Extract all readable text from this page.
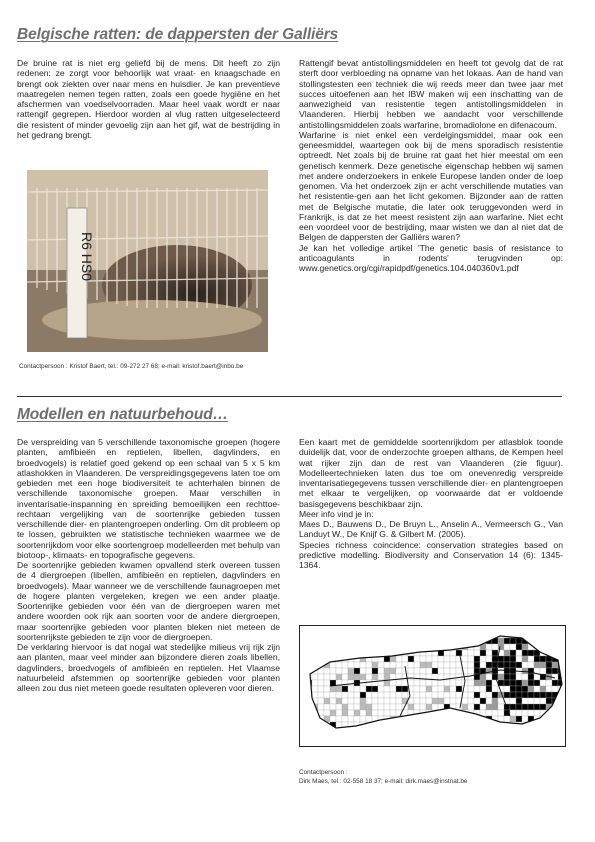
Belgische ratten: de dappersten der Galliërs

De bruine rat is niet erg geliefd bij de mens. Dit heeft zo zijn redenen: ze zorgt voor behoorlijk wat vraat- en knaagschade en brengt ook ziekten over naar mens en huisdier. Je kan preventieve maatregelen nemen tegen ratten, zoals een goede hygiëne en het afschermen van voedselvoorraden. Maar heel vaak wordt er naar rattengif gegrepen. Hierdoor worden al vlug ratten uitgeselecteerd die resistent of minder gevoelig zijn aan het gif, wat de bestrijding in het gedrang brengt.

R6 HS0

Rattengif bevat antistollingsmiddelen en heeft tot gevolg dat de rat sterft door verbloeding na opname van het lokaas. Aan de hand van stollingstesten een techniek die wij reeds meer dan twee jaar met succes uitoefenen aan het IBW maken wij een inschatting van de aanwezigheid van resistentie tegen antistollingsmiddelen in Vlaanderen. Hierbij hebben we aandacht voor verschillende antistollingsmiddelen zoals warfarine, bromadiolone en difenacoum.

Warfarine is niet enkel een verdelgingsmiddel, maar ook een geneesmiddel, waartegen ook bij de mens sporadisch resistentie optreedt. Net zoals bij de bruine rat gaat het hier meestal om een genetisch kenmerk. Deze genetische eigenschap hebben wij samen met andere onderzoekers in enkele Europese landen onder de loep genomen. Via het onderzoek zijn er acht verschillende mutaties van het resistentie-gen aan het licht gekomen. Bijzonder aan de ratten met de Belgische mutatie, die later ook teruggevonden werd in Frankrijk, is dat ze het meest resistent zijn aan warfarine. Niet echt een voordeel voor de bestrijding, maar wisten we dan al niet dat de Belgen de dappersten der Galliërs waren?

Je kan het volledige artikel 'The genetic basis of resistance to anticoagulants in rodents' terugvinden op: www.genetics.org/cgi/rapidpdf/genetics.104.040360v1.pdf

Contactpersoon : Kristof Baert, tel.: 09-272 27 68; e-mail: kristof.baert@inbo.be
Modellen en natuurbehoud…

De verspreiding van 5 verschillende taxonomische groepen (hogere planten, amfibieën en reptielen, libellen, dagvlinders, en broedvogels) is relatief goed gekend op een schaal van 5 x 5 km atlashokken in Vlaanderen. De verspreidingsgegevens laten toe om gebieden met een hoge biodiversiteit te achterhalen binnen de verschillende taxonomische groepen. Maar verschillen in inventarisatie-inspanning en spreiding bemoeilijken een rechttoe-rechtaan vergelijking van de soortenrijke gebieden tussen verschillende dier- en plantengroepen onderling. Om dit probleem op te lossen, gebruikten we statistische technieken waarmee we de soortenrijkdom voor elke soortengroep modelleerden met behulp van biotoop-, klimaats- en topografische gegevens.

De soortenrijke gebieden kwamen opvallend sterk overeen tussen de 4 diergroepen (libellen, amfibieën en reptielen, dagvlinders en broedvogels). Maar wanneer we de verschillende faunagroepen met de hogere planten vergeleken, kregen we een ander plaatje. Soortenrijke gebieden voor één van de diergroepen waren met andere woorden ook rijk aan soorten voor de andere diergroepen, maar soortenrijke gebieden voor planten bleken niet meteen de soortenrijkste gebieden te zijn voor de diergroepen.

De verklaring hiervoor is dat nogal wat stedelijke milieus vrij rijk zijn aan planten, maar veel minder aan bijzondere dieren zoals libellen, dagvlinders, broedvogels of amfibieën en reptielen. Het Vlaamse natuurbeleid afstemmen op soortenrijke gebieden voor planten alleen zou dus niet meteen goede resultaten opleveren voor dieren.

Een kaart met de gemiddelde soortenrijkdom per atlasblok toonde duidelijk dat, voor de onderzochte groepen althans, de Kempen heel wat rijker zijn dan de rest van Vlaanderen (zie figuur). Modelleertechnieken laten dus toe om onevenredig verspreide inventarisatiegegevens tussen verschillende dier- en plantengroepen met elkaar te vergelijken, op voorwaarde dat er voldoende basisgegevens beschikbaar zijn.

Meer info vind je in:

Maes D., Bauwens D., De Bruyn L., Anselin A., Vermeersch G., Van Landuyt W., De Knijf G. & Gilbert M. (2005).

Species richness coincidence: conservation strategies based on predictive modelling. Biodiversity and Conservation 14 (6): 1345-1364.

Contactpersoon :
Dirk Maes, tel.: 02-558 18 37; e-mail: dirk.maes@instnat.be
